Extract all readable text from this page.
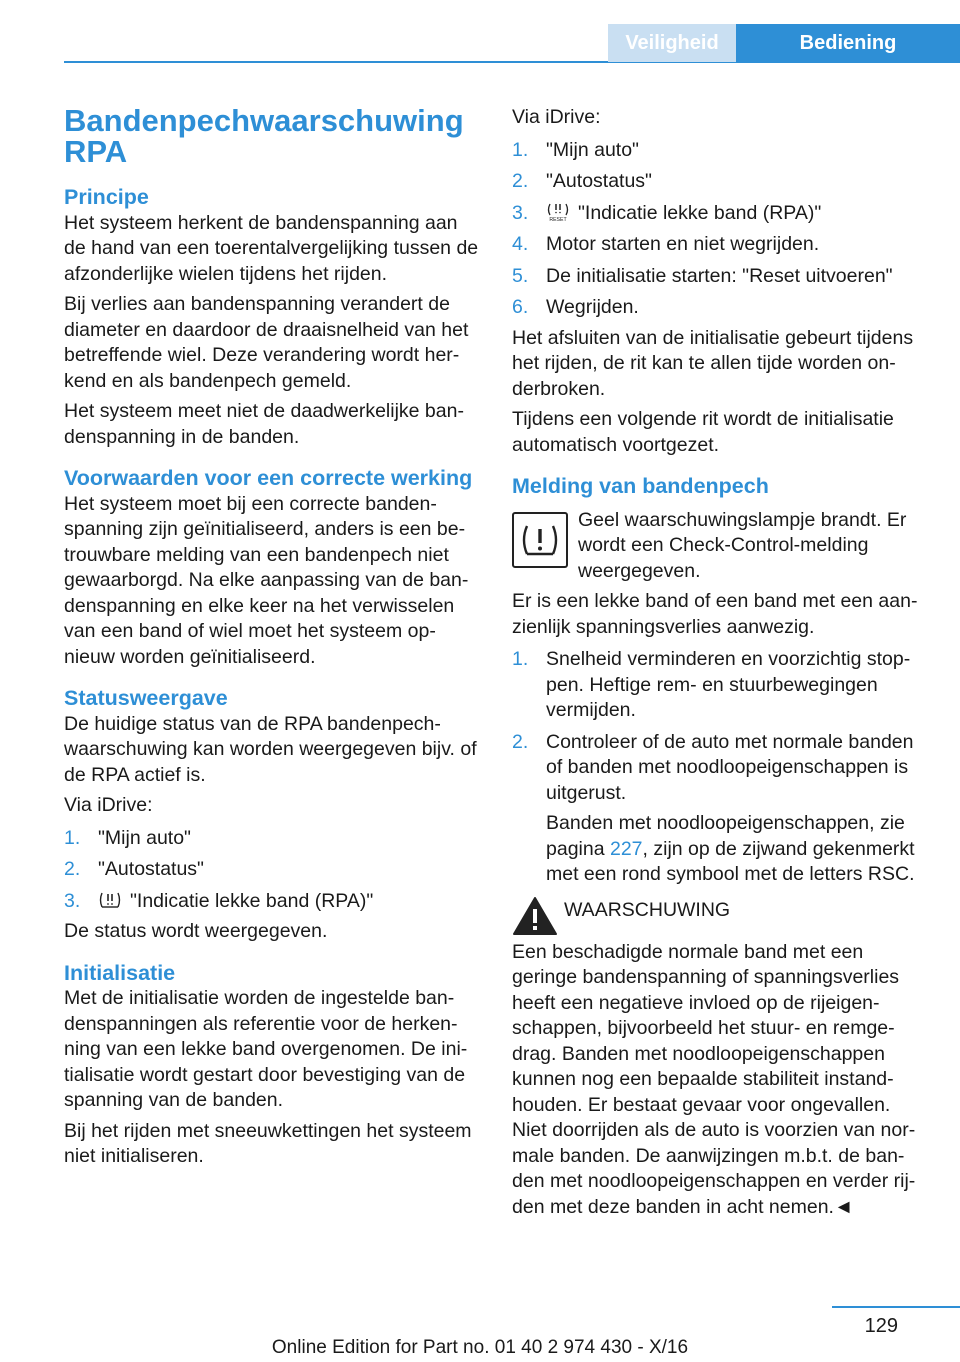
Veiligheid	Bediening
Bandenpechwaarschuwing RPA
Principe

Het systeem herkent de bandenspanning aan de hand van een toerentalvergelijking tussen de afzonderlijke wielen tijdens het rijden.

Bij verlies aan bandenspanning verandert de diameter en daardoor de draaisnelheid van het betreffende wiel. Deze verandering wordt herkend en als bandenpech gemeld.

Het systeem meet niet de daadwerkelijke bandenspanning in de banden.

Voorwaarden voor een correcte werking

Het systeem moet bij een correcte bandenspanning zijn geïnitialiseerd, anders is een betrouwbare melding van een bandenpech niet gewaarborgd. Na elke aanpassing van de bandenspanning en elke keer na het verwisselen van een band of wiel moet het systeem opnieuw worden geïnitialiseerd.

Statusweergave

De huidige status van de RPA bandenpechwaarschuwing kan worden weergegeven bijv. of de RPA actief is.

Via iDrive:

1. "Mijn auto"
2. "Autostatus"
3.	"Indicatie lekke band (RPA)"

De status wordt weergegeven.

Initialisatie

Met de initialisatie worden de ingestelde bandenspanningen als referentie voor de herkenning van een lekke band overgenomen. De initialisatie wordt gestart door bevestiging van de spanning van de banden.

Bij het rijden met sneeuwkettingen het systeem niet initialiseren.

Via iDrive:

1. "Mijn auto"
2. "Autostatus"
3.	RESET "Indicatie lekke band (RPA)"
4. Motor starten en niet wegrijden.
5. De initialisatie starten: "Reset uitvoeren"
6. Wegrijden.

Het afsluiten van de initialisatie gebeurt tijdens het rijden, de rit kan te allen tijde worden onderbroken.

Tijdens een volgende rit wordt de initialisatie automatisch voortgezet.

Melding van bandenpech
Geel waarschuwingslampje brandt. Er wordt een Check-Control-melding weergegeven.

Er is een lekke band of een band met een aanzienlijk spanningsverlies aanwezig.

1. Snelheid verminderen en voorzichtig stoppen. Heftige rem- en stuurbewegingen vermijden.
2. Controleer of de auto met normale banden of banden met noodloopeigenschappen is uitgerust.
Banden met noodloopeigenschappen, zie pagina 227, zijn op de zijwand gekenmerkt met een rond symbool met de letters RSC.
WAARSCHUWING

Een beschadigde normale band met een geringe bandenspanning of spanningsverlies heeft een negatieve invloed op de rijeigenschappen, bijvoorbeeld het stuur- en remgedrag. Banden met noodloopeigenschappen kunnen nog een bepaalde stabiliteit instandhouden. Er bestaat gevaar voor ongevallen. Niet doorrijden als de auto is voorzien van normale banden. De aanwijzingen m.b.t. de banden met noodloopeigenschappen en verder rijden met deze banden in acht nemen.◄

129
Online Edition for Part no. 01 40 2 974 430 - X/16
